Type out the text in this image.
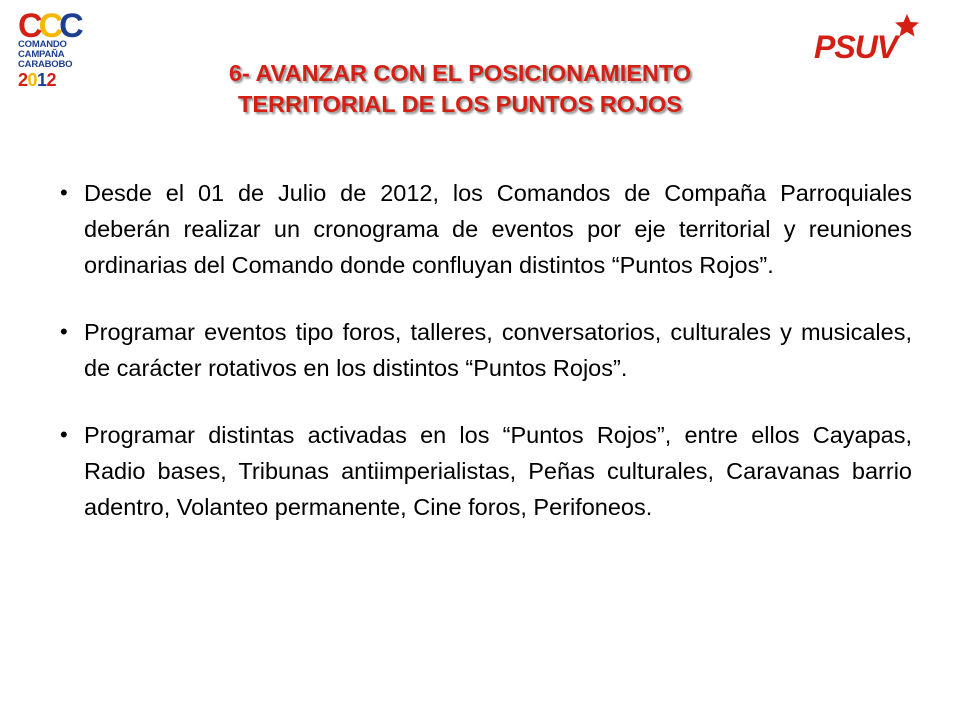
C C C
COMANDO
CAMPAÑA
CARABOBO
2012
PSUV
6- AVANZAR CON EL POSICIONAMIENTO
TERRITORIAL DE LOS PUNTOS ROJOS
• Desde el 01 de Julio de 2012, los Comandos de Compaña Parroquiales deberán realizar un cronograma de eventos por eje territorial y reuniones ordinarias del Comando donde confluyan distintos “Puntos Rojos”.
• Programar eventos tipo foros, talleres, conversatorios, culturales y musicales, de carácter rotativos en los distintos “Puntos Rojos”.
• Programar distintas activadas en los “Puntos Rojos”, entre ellos Cayapas, Radio bases, Tribunas antiimperialistas, Peñas culturales, Caravanas barrio adentro, Volanteo permanente, Cine foros, Perifoneos.
